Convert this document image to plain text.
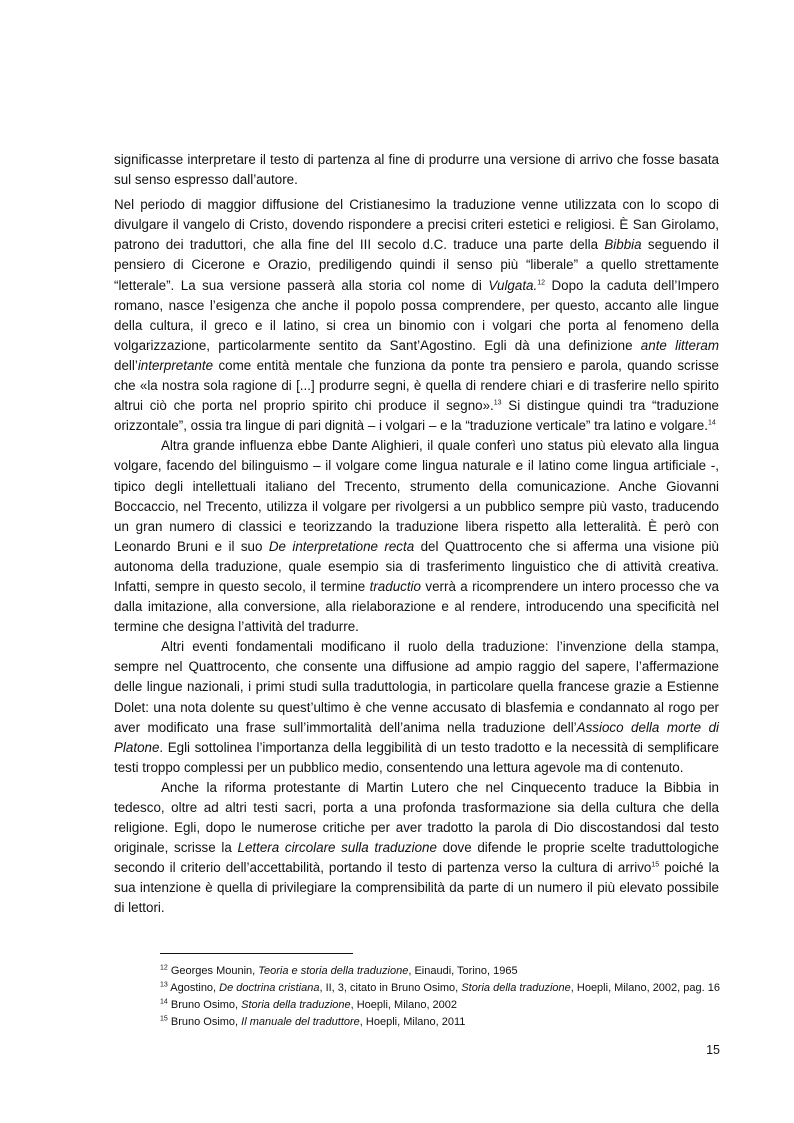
significasse interpretare il testo di partenza al fine di produrre una versione di arrivo che fosse basata sul senso espresso dall’autore.

Nel periodo di maggior diffusione del Cristianesimo la traduzione venne utilizzata con lo scopo di divulgare il vangelo di Cristo, dovendo rispondere a precisi criteri estetici e religiosi. È San Girolamo, patrono dei traduttori, che alla fine del III secolo d.C. traduce una parte della Bibbia seguendo il pensiero di Cicerone e Orazio, prediligendo quindi il senso più “liberale” a quello strettamente “letterale”. La sua versione passerà alla storia col nome di Vulgata.$^{12}$ Dopo la caduta dell’Impero romano, nasce l’esigenza che anche il popolo possa comprendere, per questo, accanto alle lingue della cultura, il greco e il latino, si crea un binomio con i volgari che porta al fenomeno della volgarizzazione, particolarmente sentito da Sant’Agostino. Egli dà una definizione ante litteram dell’interpretante come entità mentale che funziona da ponte tra pensiero e parola, quando scrisse che «la nostra sola ragione di [...] produrre segni, è quella di rendere chiari e di trasferire nello spirito altrui ciò che porta nel proprio spirito chi produce il segno».$^{13}$ Si distingue quindi tra “traduzione orizzontale”, ossia tra lingue di pari dignità – i volgari – e la “traduzione verticale” tra latino e volgare.$^{14}$

Altra grande influenza ebbe Dante Alighieri, il quale conferì uno status più elevato alla lingua volgare, facendo del bilinguismo – il volgare come lingua naturale e il latino come lingua artificiale -, tipico degli intellettuali italiano del Trecento, strumento della comunicazione. Anche Giovanni Boccaccio, nel Trecento, utilizza il volgare per rivolgersi a un pubblico sempre più vasto, traducendo un gran numero di classici e teorizzando la traduzione libera rispetto alla letteralità. È però con Leonardo Bruni e il suo De interpretatione recta del Quattrocento che si afferma una visione più autonoma della traduzione, quale esempio sia di trasferimento linguistico che di attività creativa. Infatti, sempre in questo secolo, il termine traductio verrà a ricomprendere un intero processo che va dalla imitazione, alla conversione, alla rielaborazione e al rendere, introducendo una specificità nel termine che designa l’attività del tradurre.

Altri eventi fondamentali modificano il ruolo della traduzione: l’invenzione della stampa, sempre nel Quattrocento, che consente una diffusione ad ampio raggio del sapere, l’affermazione delle lingue nazionali, i primi studi sulla traduttologia, in particolare quella francese grazie a Estienne Dolet: una nota dolente su quest’ultimo è che venne accusato di blasfemia e condannato al rogo per aver modificato una frase sull’immortalità dell’anima nella traduzione dell’Assioco della morte di Platone. Egli sottolinea l’importanza della leggibilità di un testo tradotto e la necessità di semplificare testi troppo complessi per un pubblico medio, consentendo una lettura agevole ma di contenuto.

Anche la riforma protestante di Martin Lutero che nel Cinquecento traduce la Bibbia in tedesco, oltre ad altri testi sacri, porta a una profonda trasformazione sia della cultura che della religione. Egli, dopo le numerose critiche per aver tradotto la parola di Dio discostandosi dal testo originale, scrisse la Lettera circolare sulla traduzione dove difende le proprie scelte traduttologiche secondo il criterio dell’accettabilità, portando il testo di partenza verso la cultura di arrivo$^{15}$ poiché la sua intenzione è quella di privilegiare la comprensibilità da parte di un numero il più elevato possibile di lettori.

$^{12}$ Georges Mounin, Teoria e storia della traduzione, Einaudi, Torino, 1965

$^{13}$ Agostino, De doctrina cristiana, II, 3, citato in Bruno Osimo, Storia della traduzione, Hoepli, Milano, 2002, pag. 16

$^{14}$ Bruno Osimo, Storia della traduzione, Hoepli, Milano, 2002

$^{15}$ Bruno Osimo, Il manuale del traduttore, Hoepli, Milano, 2011

15
